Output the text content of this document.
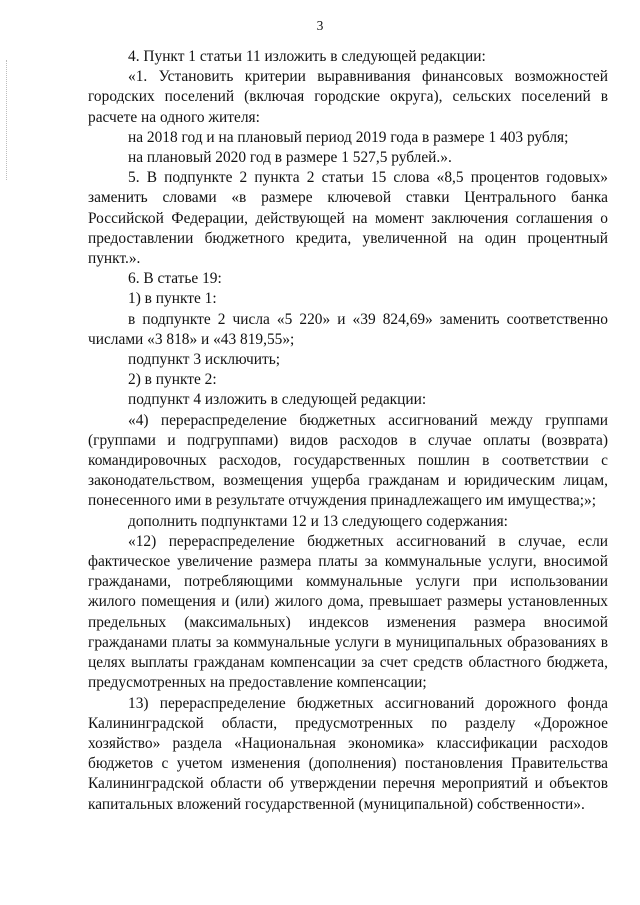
3

4. Пункт 1 статьи 11 изложить в следующей редакции:

«1. Установить критерии выравнивания финансовых возможностей городских поселений (включая городские округа), сельских поселений в расчете на одного жителя:

на 2018 год и на плановый период 2019 года в размере 1 403 рубля;

на плановый 2020 год в размере 1 527,5 рублей.».

5. В подпункте 2 пункта 2 статьи 15 слова «8,5 процентов годовых» заменить словами «в размере ключевой ставки Центрального банка Российской Федерации, действующей на момент заключения соглашения о предоставлении бюджетного кредита, увеличенной на один процентный пункт.».

6. В статье 19:

1) в пункте 1:

в подпункте 2 числа «5 220» и «39 824,69» заменить соответственно числами «3 818» и «43 819,55»;

подпункт 3 исключить;

2) в пункте 2:

подпункт 4 изложить в следующей редакции:

«4) перераспределение бюджетных ассигнований между группами (группами и подгруппами) видов расходов в случае оплаты (возврата) командировочных расходов, государственных пошлин в соответствии с законодательством, возмещения ущерба гражданам и юридическим лицам, понесенного ими в результате отчуждения принадлежащего им имущества;»;

дополнить подпунктами 12 и 13 следующего содержания:

«12) перераспределение бюджетных ассигнований в случае, если фактическое увеличение размера платы за коммунальные услуги, вносимой гражданами, потребляющими коммунальные услуги при использовании жилого помещения и (или) жилого дома, превышает размеры установленных предельных (максимальных) индексов изменения размера вносимой гражданами платы за коммунальные услуги в муниципальных образованиях в целях выплаты гражданам компенсации за счет средств областного бюджета, предусмотренных на предоставление компенсации;

13) перераспределение бюджетных ассигнований дорожного фонда Калининградской области, предусмотренных по разделу «Дорожное хозяйство» раздела «Национальная экономика» классификации расходов бюджетов с учетом изменения (дополнения) постановления Правительства Калининградской области об утверждении перечня мероприятий и объектов капитальных вложений государственной (муниципальной) собственности».
